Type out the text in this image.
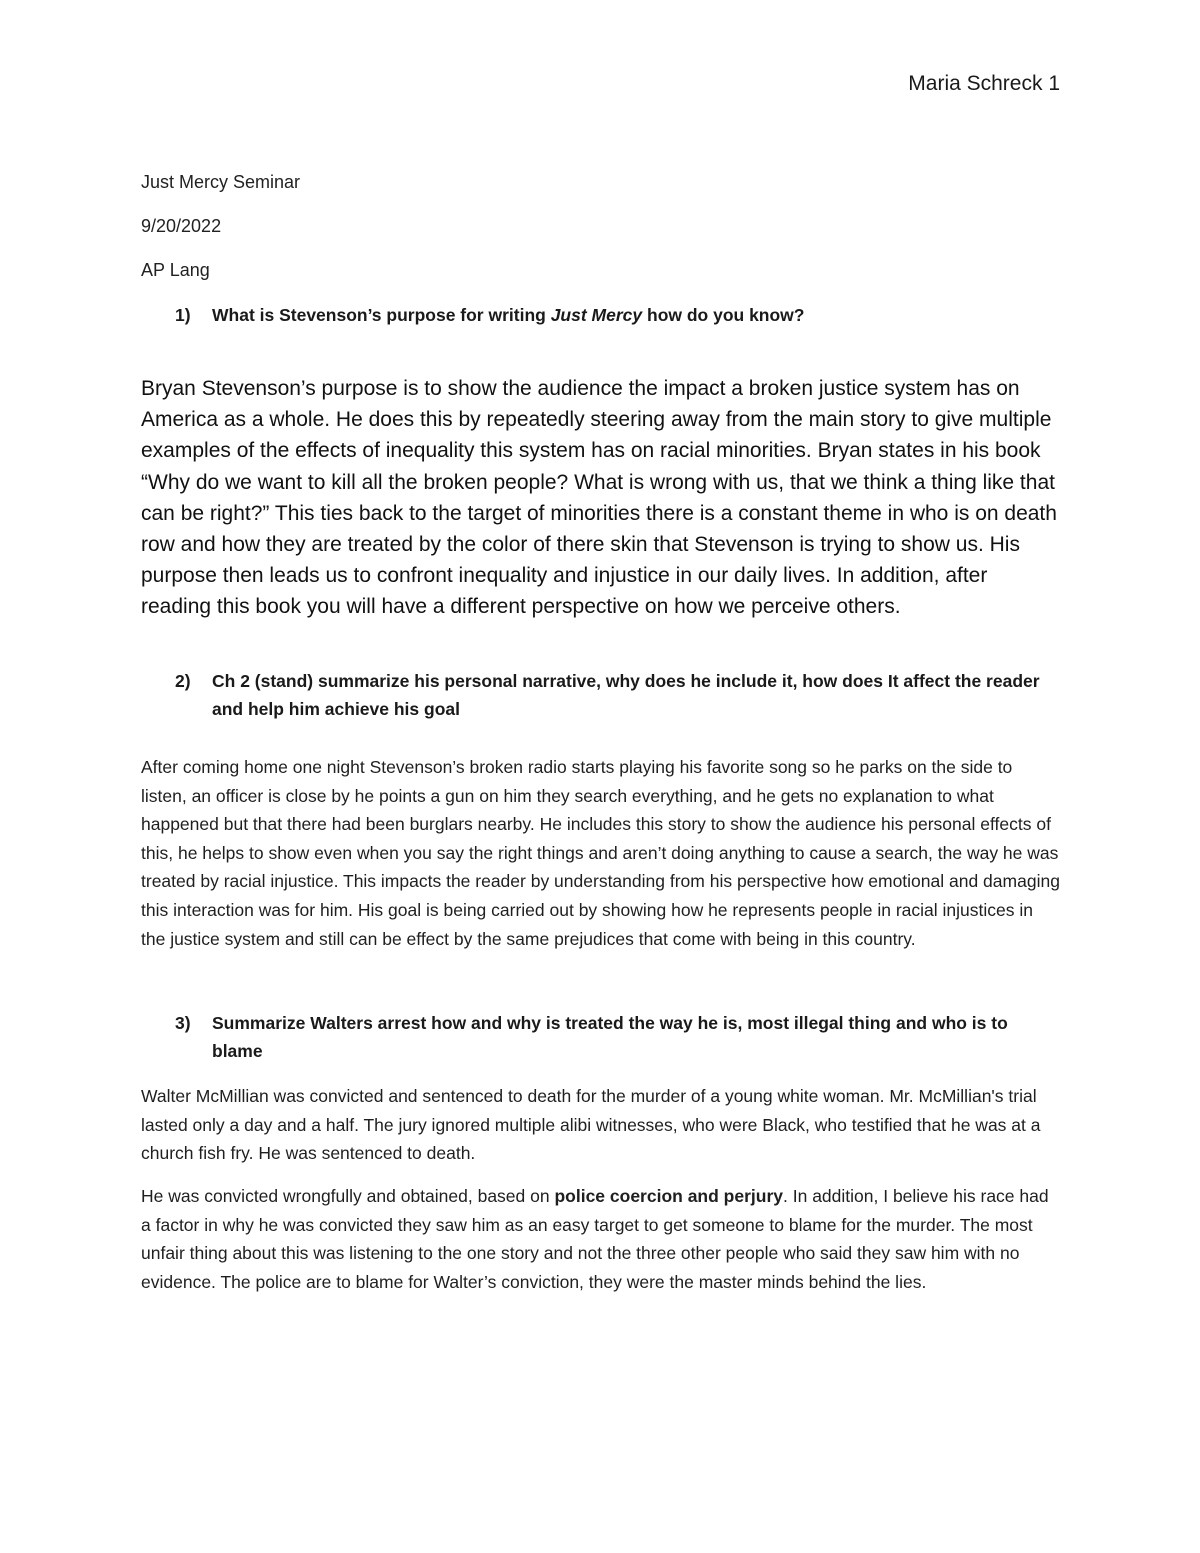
Maria Schreck 1
Just Mercy Seminar
9/20/2022
AP Lang
1) What is Stevenson’s purpose for writing Just Mercy how do you know?
Bryan Stevenson’s purpose is to show the audience the impact a broken justice system has on America as a whole. He does this by repeatedly steering away from the main story to give multiple examples of the effects of inequality this system has on racial minorities. Bryan states in his book “Why do we want to kill all the broken people? What is wrong with us, that we think a thing like that can be right?” This ties back to the target of minorities there is a constant theme in who is on death row and how they are treated by the color of there skin that Stevenson is trying to show us. His purpose then leads us to confront inequality and injustice in our daily lives. In addition, after reading this book you will have a different perspective on how we perceive others.
2) Ch 2 (stand) summarize his personal narrative, why does he include it, how does It affect the reader and help him achieve his goal
After coming home one night Stevenson’s broken radio starts playing his favorite song so he parks on the side to listen, an officer is close by he points a gun on him they search everything, and he gets no explanation to what happened but that there had been burglars nearby. He includes this story to show the audience his personal effects of this, he helps to show even when you say the right things and aren’t doing anything to cause a search, the way he was treated by racial injustice. This impacts the reader by understanding from his perspective how emotional and damaging this interaction was for him. His goal is being carried out by showing how he represents people in racial injustices in the justice system and still can be effect by the same prejudices that come with being in this country.
3) Summarize Walters arrest how and why is treated the way he is, most illegal thing and who is to blame
Walter McMillian was convicted and sentenced to death for the murder of a young white woman. Mr. McMillian's trial lasted only a day and a half. The jury ignored multiple alibi witnesses, who were Black, who testified that he was at a church fish fry. He was sentenced to death.
He was convicted wrongfully and obtained, based on police coercion and perjury. In addition, I believe his race had a factor in why he was convicted they saw him as an easy target to get someone to blame for the murder. The most unfair thing about this was listening to the one story and not the three other people who said they saw him with no evidence. The police are to blame for Walter’s conviction, they were the master minds behind the lies.
